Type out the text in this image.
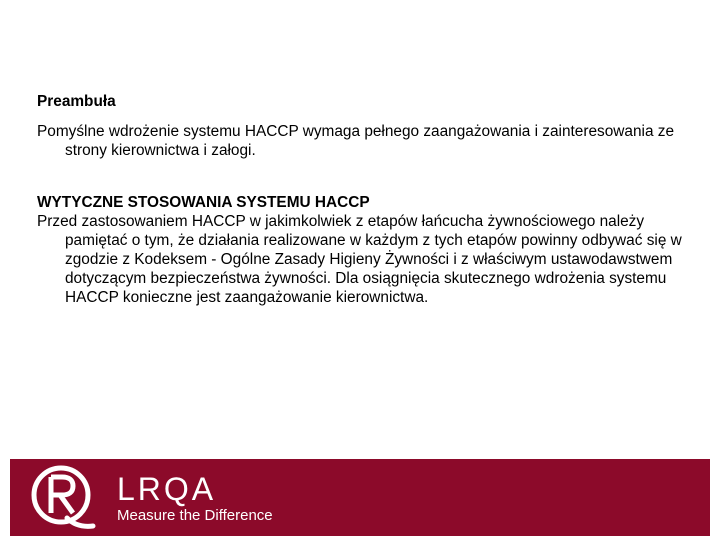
Preambuła

Pomyślne wdrożenie systemu HACCP wymaga pełnego zaangażowania i zainteresowania ze strony kierownictwa i załogi.

WYTYCZNE STOSOWANIA SYSTEMU HACCP

Przed zastosowaniem HACCP w jakimkolwiek z etapów łańcucha żywnościowego należy pamiętać o tym, że działania realizowane w każdym z tych etapów powinny odbywać się w zgodzie z Kodeksem - Ogólne Zasady Higieny Żywności i z właściwym ustawodawstwem dotyczącym bezpieczeństwa żywności. Dla osiągnięcia skutecznego wdrożenia systemu HACCP konieczne jest zaangażowanie kierownictwa.

LRQA
Measure the Difference
